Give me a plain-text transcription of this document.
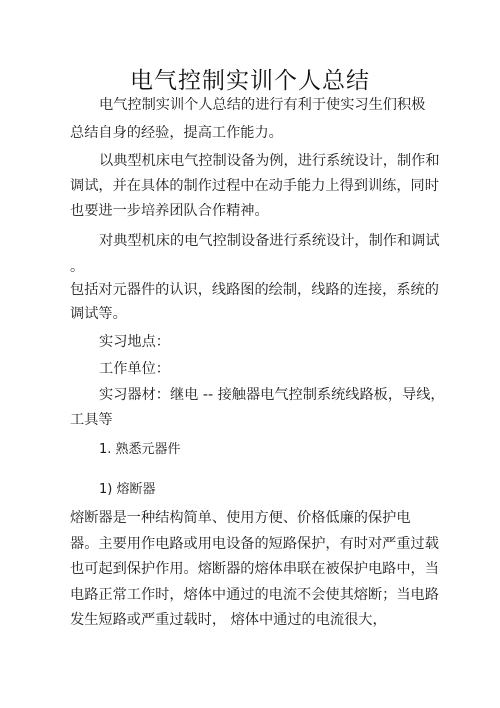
电气控制实训个人总结
电气控制实训个人总结的进行有利于使实习生们积极
总结自身的经验，提高工作能力。
以典型机床电气控制设备为例，进行系统设计，制作和
调试，并在具体的制作过程中在动手能力上得到训练，同时
也要进一步培养团队合作精神。
对典型机床的电气控制设备进行系统设计，制作和调试
。
包括对元器件的认识，线路图的绘制，线路的连接，系统的
调试等。
实习地点：
工作单位：
实习器材：继电 -- 接触器电气控制系统线路板，导线，
工具等
1. 熟悉元器件
1) 熔断器
熔断器是一种结构简单、使用方便、价格低廉的保护电
器。主要用作电路或用电设备的短路保护，有时对严重过载
也可起到保护作用。熔断器的熔体串联在被保护电路中，当
电路正常工作时，熔体中通过的电流不会使其熔断；当电路
发生短路或严重过载时， 熔体中通过的电流很大，
